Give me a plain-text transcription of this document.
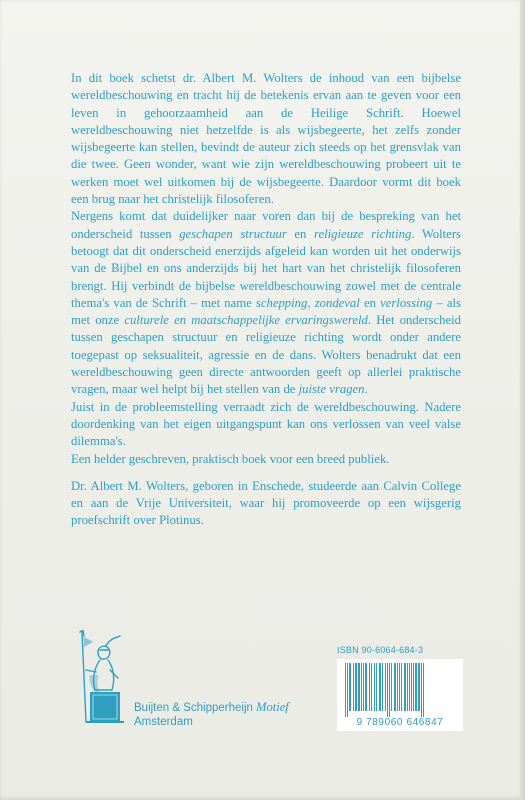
In dit boek schetst dr. Albert M. Wolters de inhoud van een bijbelse wereldbeschouwing en tracht hij de betekenis ervan aan te geven voor een leven in gehoorzaamheid aan de Heilige Schrift. Hoewel wereldbeschouwing niet hetzelfde is als wijsbegeerte, het zelfs zonder wijsbegeerte kan stellen, bevindt de auteur zich steeds op het grensvlak van die twee. Geen wonder, want wie zijn wereldbeschouwing probeert uit te werken moet wel uitkomen bij de wijsbegeerte. Daardoor vormt dit boek een brug naar het christelijk filosoferen.

Nergens komt dat duidelijker naar voren dan bij de bespreking van het onderscheid tussen geschapen structuur en religieuze richting. Wolters betoogt dat dit onderscheid enerzijds afgeleid kan worden uit het onderwijs van de Bijbel en ons anderzijds bij het hart van het christelijk filosoferen brengt. Hij verbindt de bijbelse wereldbeschouwing zowel met de centrale thema's van de Schrift – met name schepping, zondeval en verlossing – als met onze culturele en maatschappelijke ervaringswereld. Het onderscheid tussen geschapen structuur en religieuze richting wordt onder andere toegepast op seksualiteit, agressie en de dans. Wolters benadrukt dat een wereldbeschouwing geen directe antwoorden geeft op allerlei praktische vragen, maar wel helpt bij het stellen van de juiste vragen.

Juist in de probleemstelling verraadt zich de wereldbeschouwing. Nadere doordenking van het eigen uitgangspunt kan ons verlossen van veel valse dilemma's.

Een helder geschreven, praktisch boek voor een breed publiek.

Dr. Albert M. Wolters, geboren in Enschede, studeerde aan Calvin College en aan de Vrije Universiteit, waar hij promoveerde op een wijsgerig proefschrift over Plotinus.

Buijten & Schipperheijn Motief
Amsterdam
ISBN 90-6064-684-3
9 789060 646847
